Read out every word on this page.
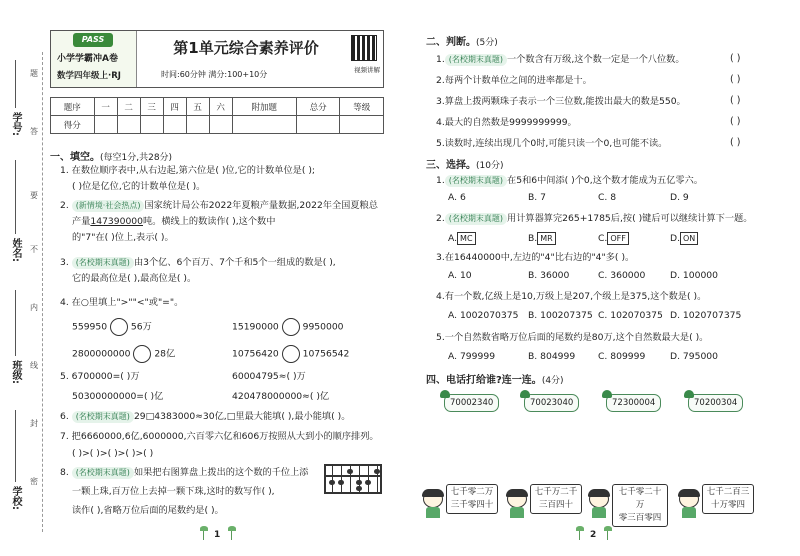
学号:
姓名:
班级:
学校:
题
答
要
不
内
线
封
密
PASS
小学学霸冲A卷
数学四年级上·RJ
第1单元综合素养评价
时间:60分钟 满分:100+10分	视频讲解
题序	一	二	三	四	五	六	附加题	总分	等级
得分									
一、填空。(每空1分,共28分)
1. 在数位顺序表中,从右边起,第六位是( )位,它的计数单位是( );
( )位是亿位,它的计数单位是( )。
2. (新情境·社会热点) 国家统计局公布2022年夏粮产量数据,2022年全国夏粮总
产量147390000吨。横线上的数读作( ),这个数中
的"7"在( )位上,表示( )。
3. (名校期末真题) 由3个亿、6个百万、7个千和5个一组成的数是( ),
它的最高位是( ),最高位是( )。
4. 在○里填上">""<"或"="。
559950	56万	15190000	9950000
2800000000	28亿	10756420	10756542
5. 6700000=( )万	60004795≈( )万
50300000000=( )亿	420478000000≈( )亿
6. (名校期末真题) 29□4383000≈30亿,□里最大能填( ),最小能填( )。
7. 把6660000,6亿,6000000,六百零六亿和606万按照从大到小的顺序排列。
( )>( )>( )>( )>( )
8. (名校期末真题) 如果把右图算盘上拨出的这个数的千位上添
一颗上珠,百万位上去掉一颗下珠,这时的数写作( ),
读作( ),省略万位后面的尾数约是( )。
1
二、判断。(5分)
1. (名校期末真题) 一个数含有万级,这个数一定是一个八位数。	( )
2.每两个计数单位之间的进率都是十。	( )
3.算盘上拨两颗珠子表示一个三位数,能拨出最大的数是550。	( )
4.最大的自然数是9999999999。	( )
5.读数时,连续出现几个0时,可能只读一个0,也可能不读。	( )
三、选择。(10分)
1. (名校期末真题) 在5和6中间添( )个0,这个数才能成为五亿零六。
A. 6	B. 7	C. 8	D. 9
2. (名校期末真题) 用计算器算完265+1785后,按( )键后可以继续计算下一题。
A. MC	B. MR	C. OFF	D. ON
3.在16440000中,左边的"4"比右边的"4"多( )。
A. 10	B. 36000	C. 360000	D. 100000
4.有一个数,亿级上是10,万级上是207,个级上是375,这个数是( )。
A. 1002070375 B. 100207375 C. 102070375 D. 1020707375
5.一个自然数省略万位后面的尾数约是80万,这个自然数最大是( )。
A. 799999	B. 804999 C. 809999	D. 795000
四、电话打给谁?连一连。(4分)
70002340	70023040	72300004	70200304
七千零二万
三千零四十
七千万二千
三百四十
七千零二十万
零三百零四
七千二百三
十万零四
2
